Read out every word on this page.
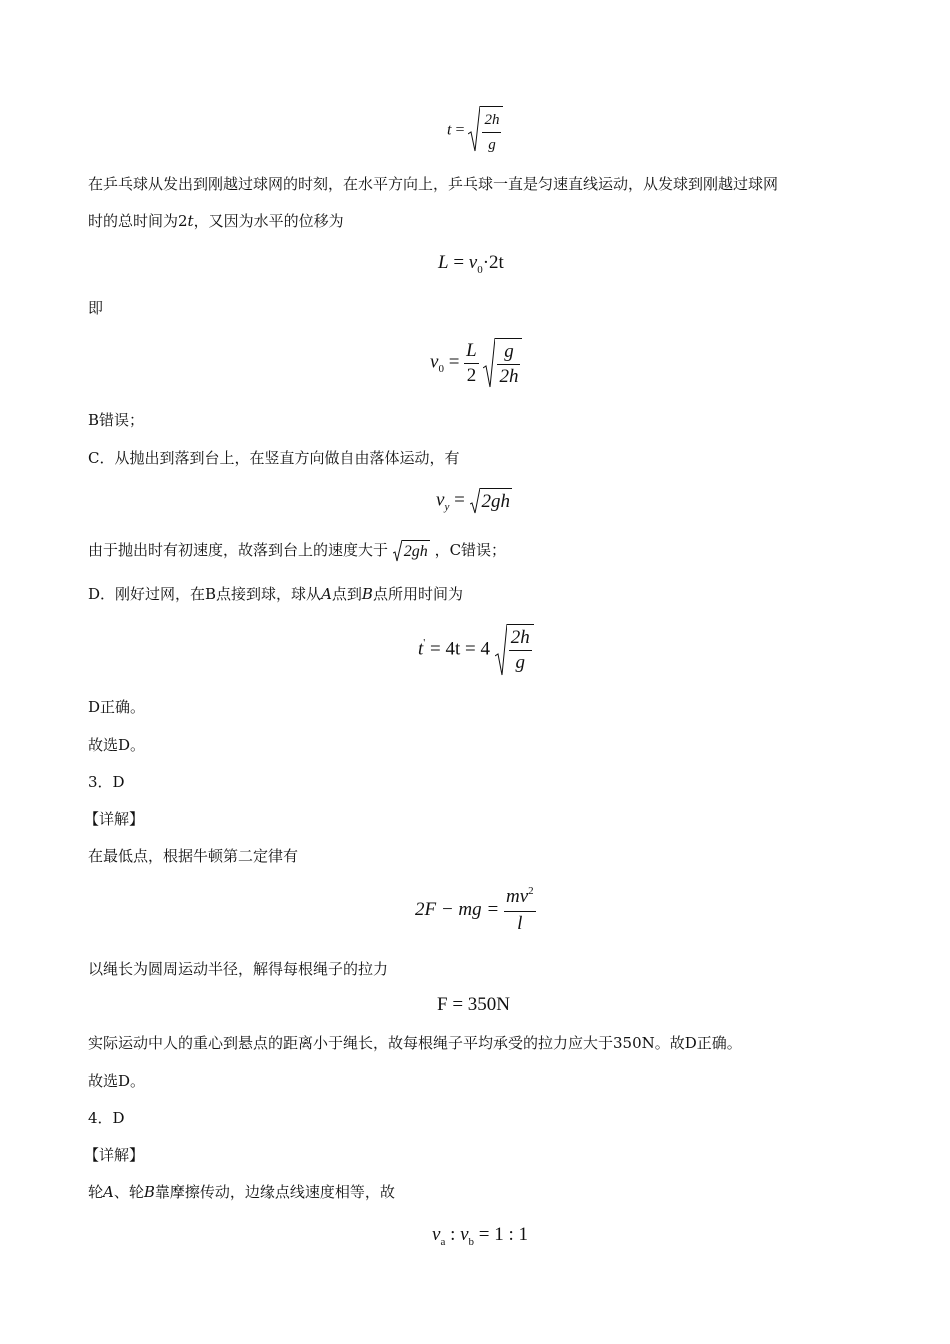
$t = \frac{2h}{g}$
在乒乓球从发出到刚越过球网的时刻，在水平方向上，乒乓球一直是匀速直线运动，从发球到刚越过球网
时的总时间为2t，又因为水平的位移为
$L = v_0\cdot 2t$
即
$v_0 = \frac{L}{2}$
$\frac{g}{2h}$
B错误；
C．从抛出到落到台上，在竖直方向做自由落体运动，有
$v_y = 2gh$
由于抛出时有初速度，故落到台上的速度大于 2gh ，C错误；
D．刚好过网，在B点接到球，球从A点到B点所用时间为
$t' = 4t = 4 \frac{2h}{g}$
D正确。
故选D。
3．D
【详解】
在最低点，根据牛顿第二定律有
2F − mg = $\frac{mv^2}{l}$
以绳长为圆周运动半径，解得每根绳子的拉力
F = 350N
实际运动中人的重心到悬点的距离小于绳长，故每根绳子平均承受的拉力应大于350N。故D正确。
故选D。
4．D
【详解】
轮A、轮B靠摩擦传动，边缘点线速度相等，故
$v_a$ : $v_b = 1$ : 1
